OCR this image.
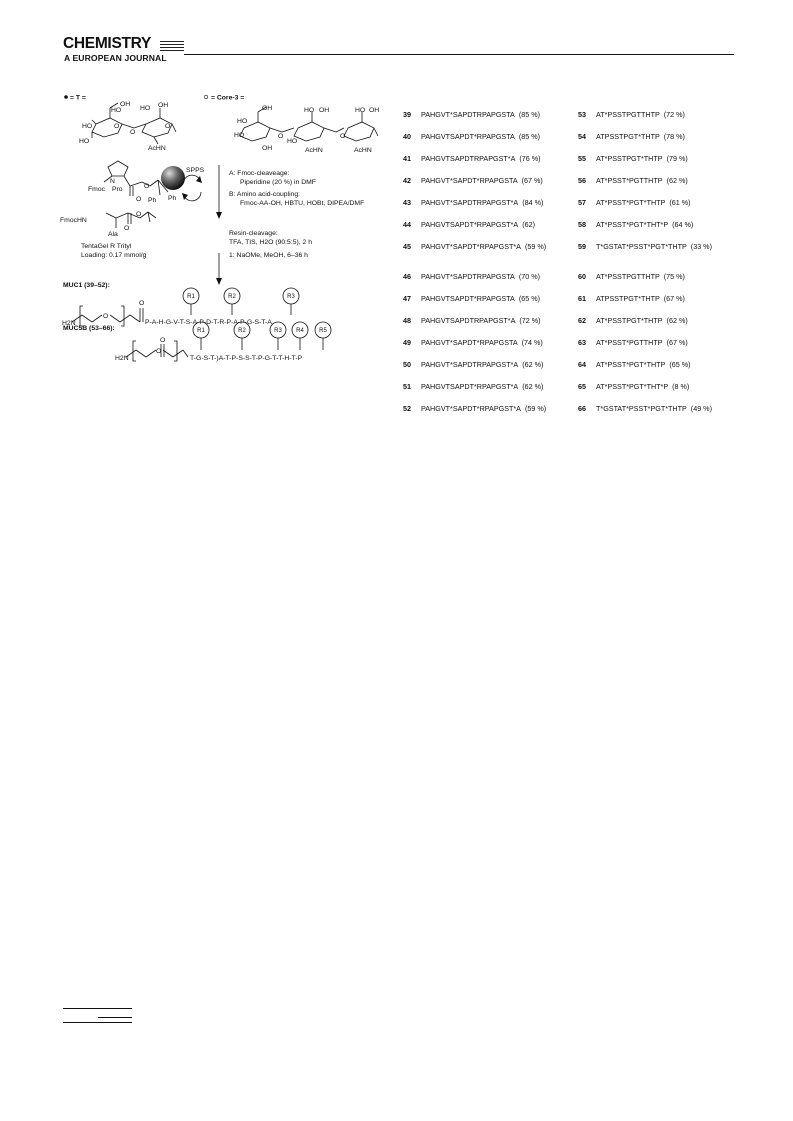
CHEMISTRY
A EUROPEAN JOURNAL
= T =	= Core-3 =
HO
OH
HO
HO
O
O
HO OH
O
AcHN
HO
OH
HO
OH
O
HO
HO OH
AcHN
O
HO OH
AcHN
N
Fmoc Pro
O
O
Ph Ph
SPPS	A: Fmoc-cleaveage:
Piperidine (20 %) in DMF
B: Amino acid-coupling:
Fmoc-AA-OH, HBTU, HOBt, DIPEA/DMF
FmocHN
Ala
O
O
Resin-cleavage:
TFA, TIS, H2O (90:5:5), 2 h
1: NaOMe, MeOH, 6–36 h
TentaGel R Trityl
Loading: 0.17 mmol/g
MUC1 (39–52):
H2N
O
O
P-A-H-G-V-T-S-A-P-D-T-R-P-A-P-G-S-T-A
MUC5B (53–66):
H2N
O
O
T-G-S-T-)A-T-P-S-S-T-P-G-T-T-H-T-P
R1	R2	R3
R1	R2	R3 R4	R5
39 PAHGVT*SAPDTRPAPGSTA (85 %)
40 PAHGVTSAPDT*RPAPGSTA (85 %)
41 PAHGVTSAPDTRPAPGST*A (76 %)
42 PAHGVT*SAPDT*RPAPGSTA (67 %)
43 PAHGVT*SAPDTRPAPGST*A (84 %)
44 PAHGVTSAPDT*RPAPGST*A (62)
45 PAHGVT*SAPDT*RPAPGST*A (59 %)
46 PAHGVT*SAPDTRPAPGSTA (70 %)
47 PAHGVTSAPDT*RPAPGSTA (65 %)
48 PAHGVTSAPDTRPAPGST*A (72 %)
49 PAHGVT*SAPDT*RPAPGSTA (74 %)
50 PAHGVT*SAPDTRPAPGST*A (62 %)
51 PAHGVTSAPDT*RPAPGST*A (62 %)
52 PAHGVT*SAPDT*RPAPGST*A (59 %)
53 AT*PSSTPGTTHTP (72 %)
54 ATPSSTPGT*THTP (78 %)
55 AT*PSSTPGT*THTP (79 %)
56 AT*PSST*PGTTHTP (62 %)
57 AT*PSST*PGT*THTP (61 %)
58 AT*PSST*PGT*THT*P (64 %)
59 T*GSTAT*PSST*PGT*THTP (33 %)
60 AT*PSSTPGTTHTP (75 %)
61 ATPSSTPGT*THTP (67 %)
62 AT*PSSTPGT*THTP (62 %)
63 AT*PSST*PGTTHTP (67 %)
64 AT*PSST*PGT*THTP (65 %)
65 AT*PSST*PGT*THT*P (8 %)
66 T*GSTAT*PSST*PGT*THTP (49 %)
